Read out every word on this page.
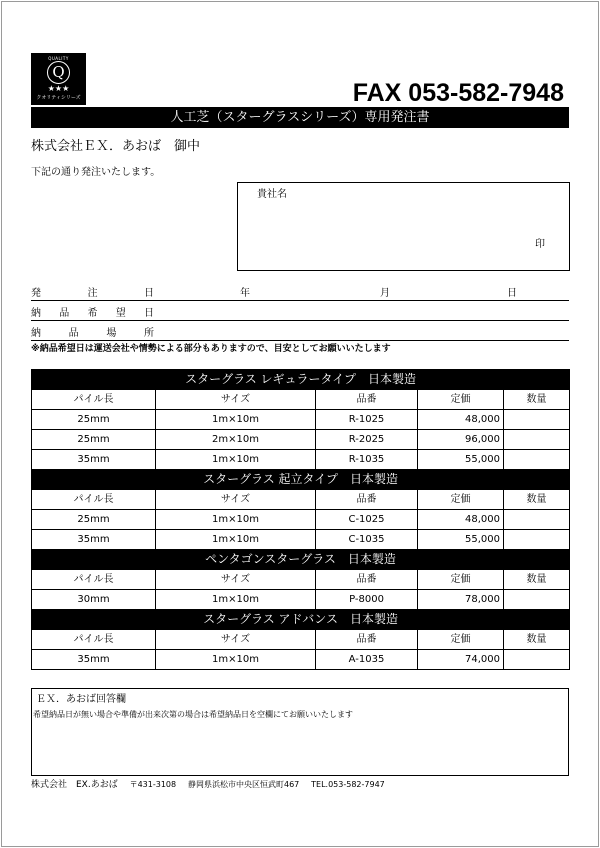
QUALITY
Q
★★★
クオリティシリーズ	FAX 053-582-7948
人工芝（スターグラスシリーズ）専用発注書
株式会社ＥＸ．あおば　御中
下記の通り発注いたします。
貴社名
印
発	注	日	年	月	日
納 品 希 望 日
納	品	場	所
※納品希望日は運送会社や情勢による部分もありますので、目安としてお願いいたします
スターグラス レギュラータイプ　日本製造				
パイル長	サイズ	品番	定価	数量
25mm	1m×10m	R-1025	48,000	
25mm	2m×10m	R-2025	96,000	
35mm	1m×10m	R-1035	55,000	
スターグラス 起立タイプ　日本製造				
パイル長	サイズ	品番	定価	数量
25mm	1m×10m	C-1025	48,000	
35mm	1m×10m	C-1035	55,000	
ペンタゴンスターグラス　日本製造				
パイル長	サイズ	品番	定価	数量
30mm	1m×10m	P-8000	78,000	
スターグラス アドバンス　日本製造				
パイル長	サイズ	品番	定価	数量
35mm	1m×10m	A-1035	74,000	
ＥＸ．あおば回答欄
希望納品日が無い場合や準備が出来次第の場合は希望納品日を空欄にてお願いいたします
株式会社　EX.あおば 〒431-3108 静岡県浜松市中央区恒武町467 TEL.053-582-7947
